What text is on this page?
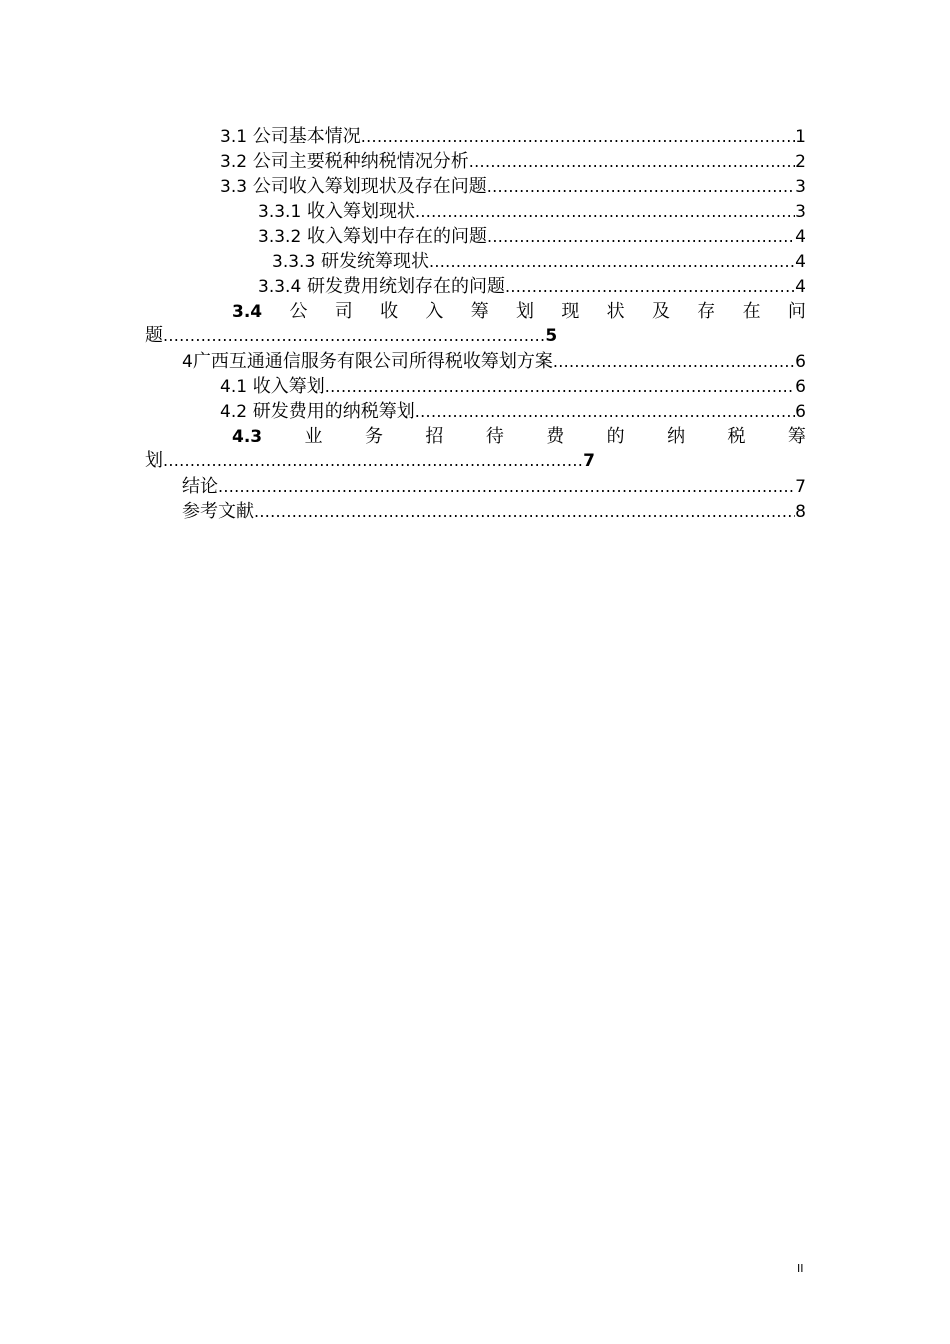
3.1 公司基本情况 .....	1
3.2 公司主要税种纳税情况分析 .....	2
3.3 公司收入筹划现状及存在问题 .....	3
3.3.1 收入筹划现状 .....	3
3.3.2 收入筹划中存在的问题 .....	4
3.3.3 研发统筹现状 .....	4
3.3.4 研发费用统划存在的问题 .....	4
3.4 公 司 收 入 筹 划 现 状 及 存 在 问
题 ....................................................................... 5
4广西互通通信服务有限公司所得税收筹划方案 .....	6
4.1 收入筹划 .....	6
4.2 研发费用的纳税筹划 .....	6
4.3 业 务 招 待 费 的 纳 税 筹
划 .............................................................................. 7
结论 .....	7
参考文献 .....	8
II
